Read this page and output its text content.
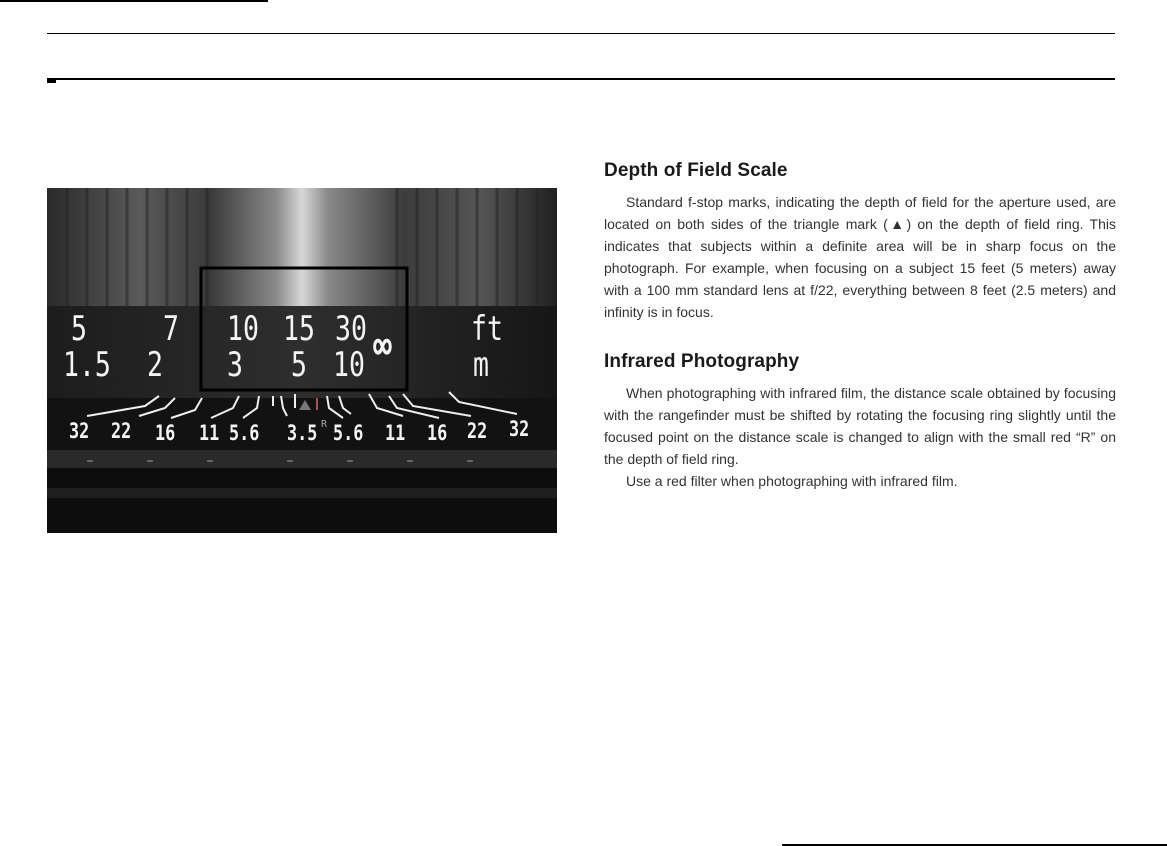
5 7 10 15 30 ∞ ft
1.5 2 3 5 10	m
32 22 16 11 5.6 3.5 5.6 11 16 22 32
R
Depth of Field Scale

Standard f-stop marks, indicating the depth of field for the aperture used, are located on both sides of the triangle mark (▲) on the depth of field ring. This indicates that subjects within a definite area will be in sharp focus on the photograph. For example, when focusing on a subject 15 feet (5 meters) away with a 100 mm standard lens at f/22, everything between 8 feet (2.5 meters) and infinity is in focus.

Infrared Photography

When photographing with infrared film, the distance scale obtained by focusing with the rangefinder must be shifted by rotating the focusing ring slightly until the focused point on the distance scale is changed to align with the small red “R” on the depth of field ring.

Use a red filter when photographing with infrared film.
